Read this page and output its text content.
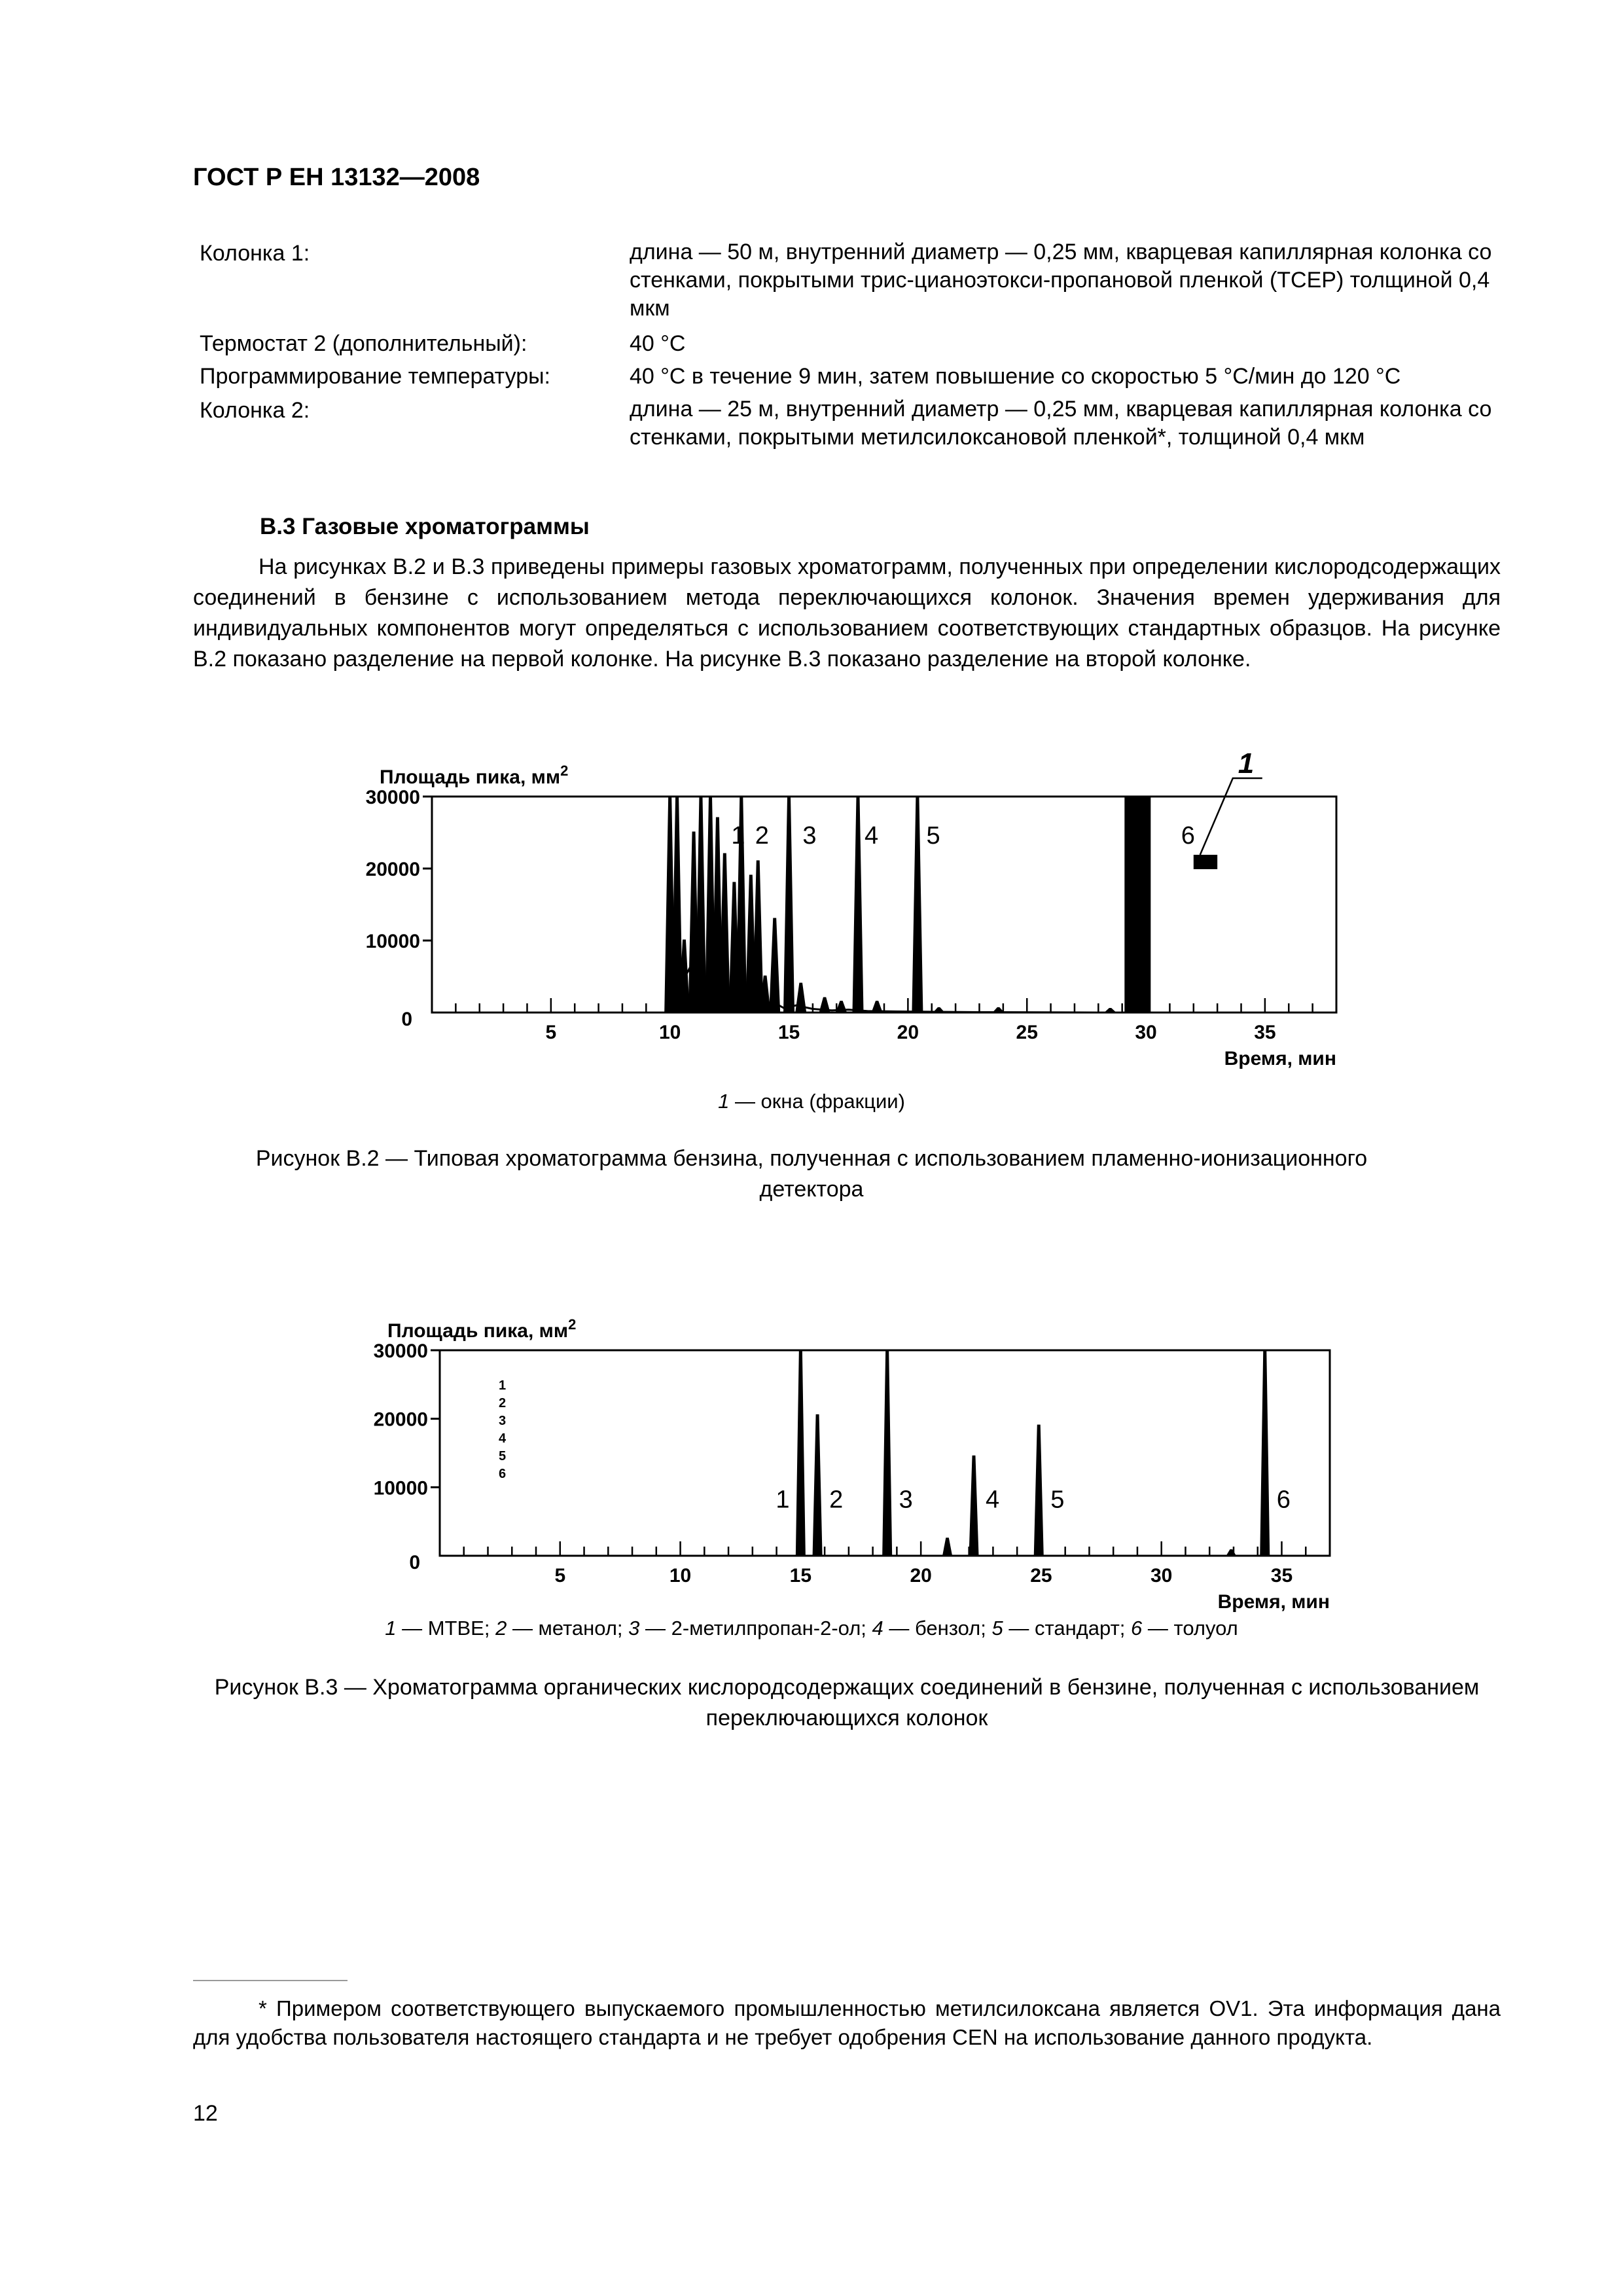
ГОСТ Р ЕН 13132—2008
Колонка 1:	длина — 50 м, внутренний диаметр — 0,25 мм, кварцевая капиллярная колонка со стенками, покрытыми трис-цианоэтокси-пропановой пленкой (TCEP) толщиной 0,4 мкм
Термостат 2 (дополнительный):	40 °С
Программирование температуры:	40 °С в течение 9 мин, затем повышение со скоростью 5 °С/мин до 120 °С
Колонка 2:	длина — 25 м, внутренний диаметр — 0,25 мм, кварцевая капиллярная колонка со стенками, покрытыми метилсилоксановой пленкой*, толщиной 0,4 мкм
В.3 Газовые хроматограммы
На рисунках В.2 и В.3 приведены примеры газовых хроматограмм, полученных при определении кислородсодержащих соединений в бензине с использованием метода переключающихся колонок. Значения времен удерживания для индивидуальных компонентов могут определяться с использованием соответствующих стандартных образцов. На рисунке В.2 показано разделение на первой колонке. На рисунке В.3 показано разделение на второй колонке.
Площадь пика, $мм^2$
Время, мин
0
10000
20000
30000
5	10	15	20	25	30	35
1
1 2 3 4 5	6
1 — окна (фракции)
Рисунок В.2 — Типовая хроматограмма бензина, полученная с использованием пламенно-ионизационного детектора
Площадь пика, $мм^2$
Время, мин
0
10000
20000
30000
5	10	15	20	25	30	35
1
2
3
4
5
6
1 2 3	4 5	6
1 — MTBE; 2 — метанол; 3 — 2-метилпропан-2-ол; 4 — бензол; 5 — стандарт; 6 — толуол
Рисунок В.3 — Хроматограмма органических кислородсодержащих соединений в бензине, полученная с использованием переключающихся колонок
* Примером соответствующего выпускаемого промышленностью метилсилоксана является OV1. Эта информация дана для удобства пользователя настоящего стандарта и не требует одобрения CEN на использование данного продукта.
12
